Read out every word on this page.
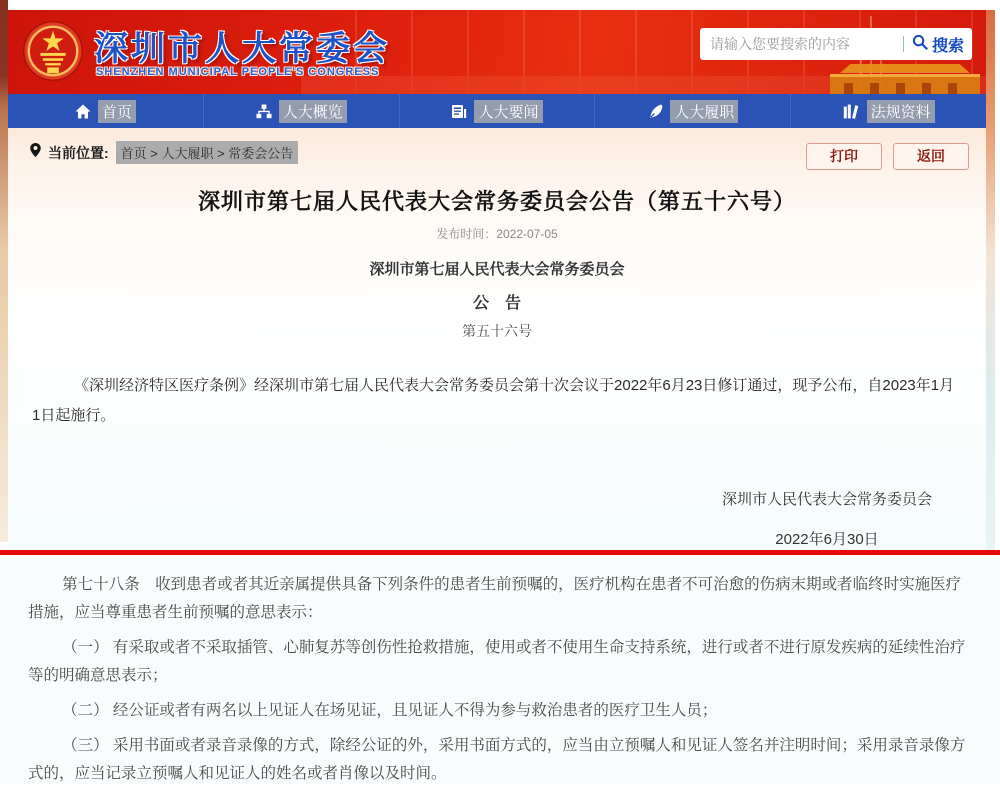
深圳市人大常委会
SHENZHEN MUNICIPAL PEOPLE'S CONGRESS
请输入您要搜索的内容
搜索
首页	人大概览	人大要闻	人大履职	法规资料
当前位置: 首页 > 人大履职 > 常委会公告	打印	返回
深圳市第七届人民代表大会常务委员会公告（第五十六号）
发布时间：2022-07-05
深圳市第七届人民代表大会常务委员会
公　告
第五十六号
《深圳经济特区医疗条例》经深圳市第七届人民代表大会常务委员会第十次会议于2022年6月23日修订通过，现予公布，自2023年1月1日起施行。
深圳市人民代表大会常务委员会
2022年6月30日

第七十八条　收到患者或者其近亲属提供具备下列条件的患者生前预嘱的，医疗机构在患者不可治愈的伤病末期或者临终时实施医疗措施，应当尊重患者生前预嘱的意思表示：

（一） 有采取或者不采取插管、心肺复苏等创伤性抢救措施，使用或者不使用生命支持系统，进行或者不进行原发疾病的延续性治疗等的明确意思表示；

（二） 经公证或者有两名以上见证人在场见证，且见证人不得为参与救治患者的医疗卫生人员；

（三） 采用书面或者录音录像的方式，除经公证的外，采用书面方式的，应当由立预嘱人和见证人签名并注明时间；采用录音录像方式的，应当记录立预嘱人和见证人的姓名或者肖像以及时间。
